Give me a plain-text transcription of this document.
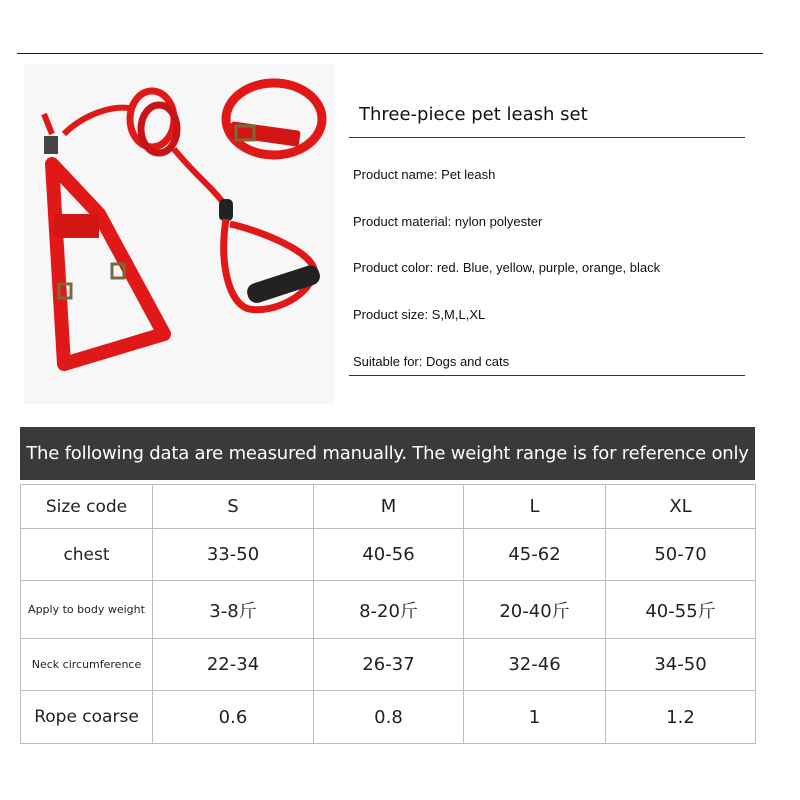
Three-piece pet leash set
Product name: Pet leash
Product material: nylon polyester
Product color: red. Blue, yellow, purple, orange, black
Product size: S,M,L,XL
Suitable for: Dogs and cats
The following data are measured manually. The weight range is for reference only
Size code	S	M	L	XL
chest	33-50	40-56	45-62	50-70
Apply to body weight	3-8斤	8-20斤	20-40斤	40-55斤
Neck circumference	22-34	26-37	32-46	34-50
Rope coarse	0.6	0.8	1	1.2
